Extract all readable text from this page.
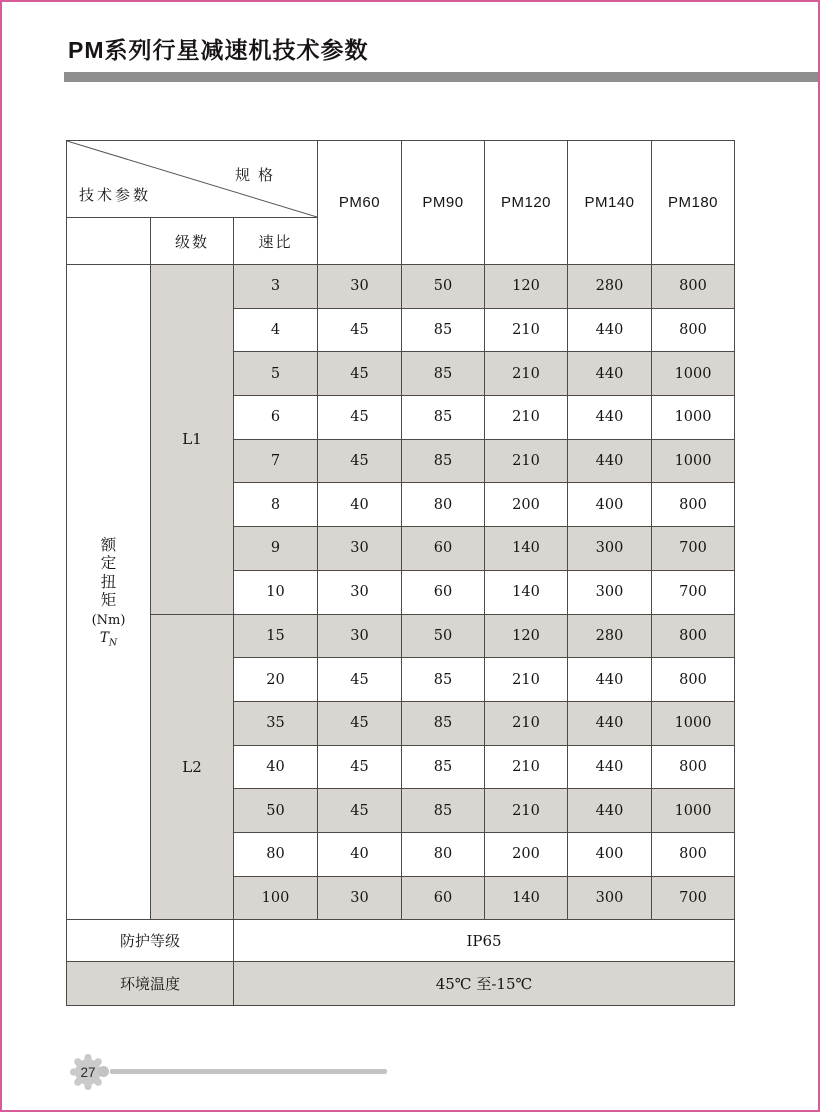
PM系列行星减速机技术参数
规格
技术参数			PM60	PM90	PM120	PM140	PM180
	级数	速比					

额
定
扭
矩
(Nm)
$T_N$
	L1	3	30	50	120	280	800
		4	45	85	210	440	800
		5	45	85	210	440	1000
		6	45	85	210	440	1000
		7	45	85	210	440	1000
		8	40	80	200	400	800
		9	30	60	140	300	700
		10	30	60	140	300	700
	L2	15	30	50	120	280	800
		20	45	85	210	440	800
		35	45	85	210	440	1000
		40	45	85	210	440	800
		50	45	85	210	440	1000
		80	40	80	200	400	800
		100	30	60	140	300	700
防护等级		IP65					
环境温度		45℃ 至-15℃					
27
